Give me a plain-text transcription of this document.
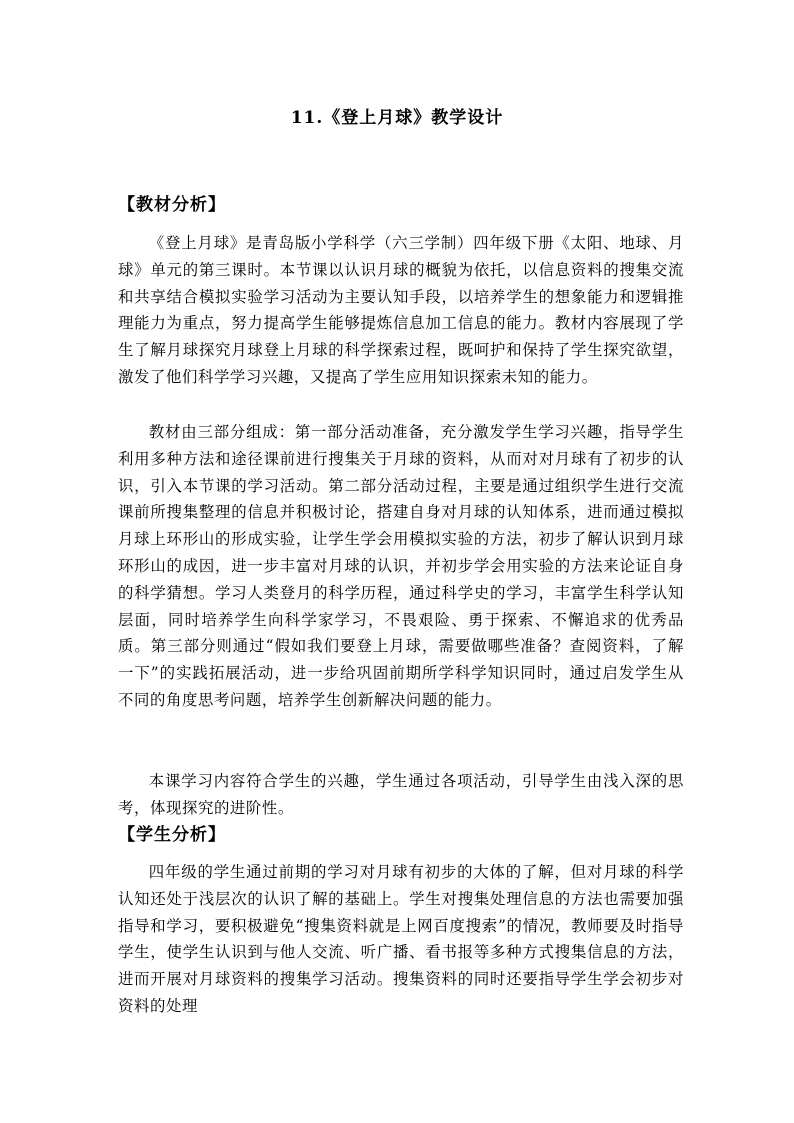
11.《登上月球》教学设计
【教材分析】

《登上月球》是青岛版小学科学（六三学制）四年级下册《太阳、地球、月球》单元的第三课时。本节课以认识月球的概貌为依托，以信息资料的搜集交流和共享结合模拟实验学习活动为主要认知手段，以培养学生的想象能力和逻辑推理能力为重点，努力提高学生能够提炼信息加工信息的能力。教材内容展现了学生了解月球探究月球登上月球的科学探索过程，既呵护和保持了学生探究欲望，激发了他们科学学习兴趣，又提高了学生应用知识探索未知的能力。

教材由三部分组成：第一部分活动准备，充分激发学生学习兴趣，指导学生利用多种方法和途径课前进行搜集关于月球的资料，从而对对月球有了初步的认识，引入本节课的学习活动。第二部分活动过程，主要是通过组织学生进行交流课前所搜集整理的信息并积极讨论，搭建自身对月球的认知体系，进而通过模拟月球上环形山的形成实验，让学生学会用模拟实验的方法，初步了解认识到月球环形山的成因，进一步丰富对月球的认识，并初步学会用实验的方法来论证自身的科学猜想。学习人类登月的科学历程，通过科学史的学习，丰富学生科学认知层面，同时培养学生向科学家学习，不畏艰险、勇于探索、不懈追求的优秀品质。第三部分则通过“假如我们要登上月球，需要做哪些准备？查阅资料，了解一下”的实践拓展活动，进一步给巩固前期所学科学知识同时，通过启发学生从不同的角度思考问题，培养学生创新解决问题的能力。

本课学习内容符合学生的兴趣，学生通过各项活动，引导学生由浅入深的思考，体现探究的进阶性。

【学生分析】

四年级的学生通过前期的学习对月球有初步的大体的了解，但对月球的科学认知还处于浅层次的认识了解的基础上。学生对搜集处理信息的方法也需要加强指导和学习，要积极避免“搜集资料就是上网百度搜索”的情况，教师要及时指导学生，使学生认识到与他人交流、听广播、看书报等多种方式搜集信息的方法，进而开展对月球资料的搜集学习活动。搜集资料的同时还要指导学生学会初步对资料的处理
